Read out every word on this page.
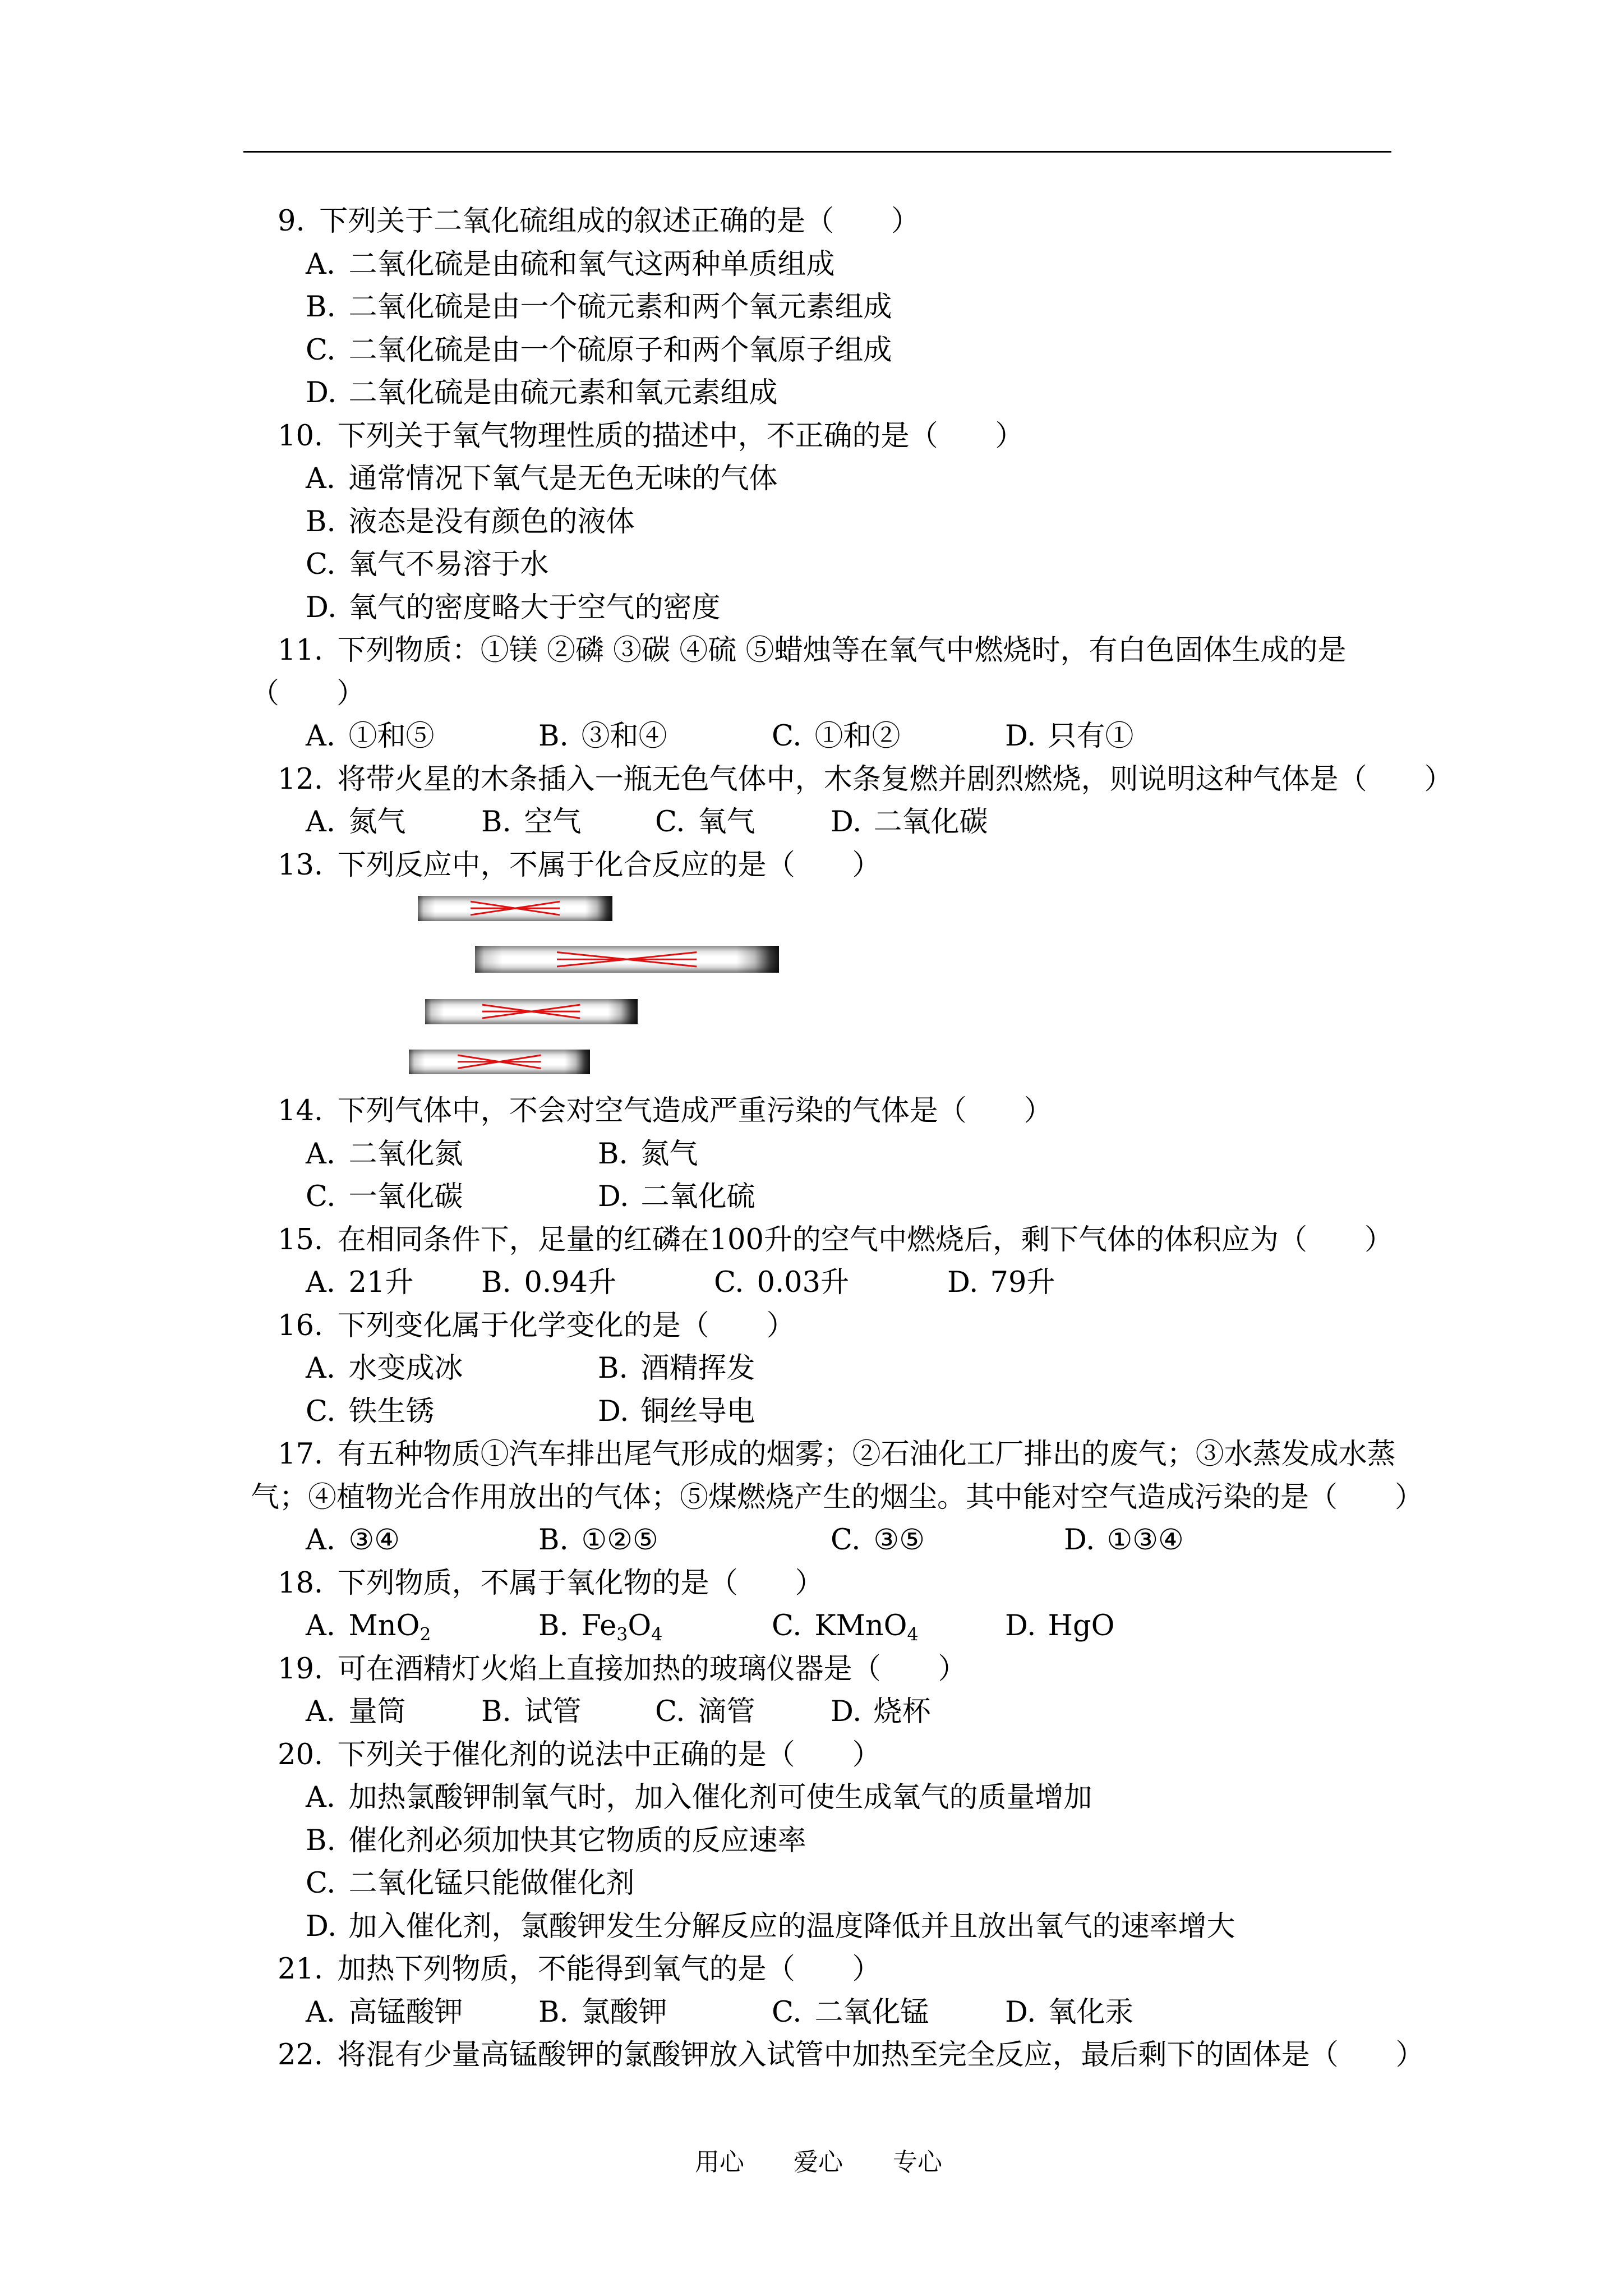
9. 下列关于二氧化硫组成的叙述正确的是（　　）
A. 二氧化硫是由硫和氧气这两种单质组成
B. 二氧化硫是由一个硫元素和两个氧元素组成
C. 二氧化硫是由一个硫原子和两个氧原子组成
D. 二氧化硫是由硫元素和氧元素组成
10. 下列关于氧气物理性质的描述中，不正确的是（　　）
A. 通常情况下氧气是无色无味的气体
B. 液态是没有颜色的液体
C. 氧气不易溶于水
D. 氧气的密度略大于空气的密度
11. 下列物质：①镁 ②磷 ③碳 ④硫 ⑤蜡烛等在氧气中燃烧时，有白色固体生成的是
（　　）
A. ①和⑤	B. ③和④	C. ①和②	D. 只有①
12. 将带火星的木条插入一瓶无色气体中，木条复燃并剧烈燃烧，则说明这种气体是（　　）
A. 氮气	B. 空气	C. 氧气	D. 二氧化碳
13. 下列反应中，不属于化合反应的是（　　）
14. 下列气体中，不会对空气造成严重污染的气体是（　　）
A. 二氧化氮	B. 氮气
C. 一氧化碳	D. 二氧化硫
15. 在相同条件下，足量的红磷在100升的空气中燃烧后，剩下气体的体积应为（　　）
A. 21升 B. 0.94升	C. 0.03升	D. 79升
16. 下列变化属于化学变化的是（　　）
A. 水变成冰	B. 酒精挥发
C. 铁生锈	D. 铜丝导电
17. 有五种物质①汽车排出尾气形成的烟雾；②石油化工厂排出的废气；③水蒸发成水蒸
气；④植物光合作用放出的气体；⑤煤燃烧产生的烟尘。其中能对空气造成污染的是（　　）
A. ③④	B. ①②⑤	C. ③⑤	D. ①③④
18. 下列物质，不属于氧化物的是（　　）
A. MnO$_2$	B. $Fe_3O_4$	C. KMnO$_4$	D. HgO
19. 可在酒精灯火焰上直接加热的玻璃仪器是（　　）
A. 量筒	B. 试管	C. 滴管	D. 烧杯
20. 下列关于催化剂的说法中正确的是（　　）
A. 加热氯酸钾制氧气时，加入催化剂可使生成氧气的质量增加
B. 催化剂必须加快其它物质的反应速率
C. 二氧化锰只能做催化剂
D. 加入催化剂，氯酸钾发生分解反应的温度降低并且放出氧气的速率增大
21. 加热下列物质，不能得到氧气的是（　　）
A. 高锰酸钾	B. 氯酸钾	C. 二氧化锰	D. 氧化汞
22. 将混有少量高锰酸钾的氯酸钾放入试管中加热至完全反应，最后剩下的固体是（　　）
用心 爱心 专心
